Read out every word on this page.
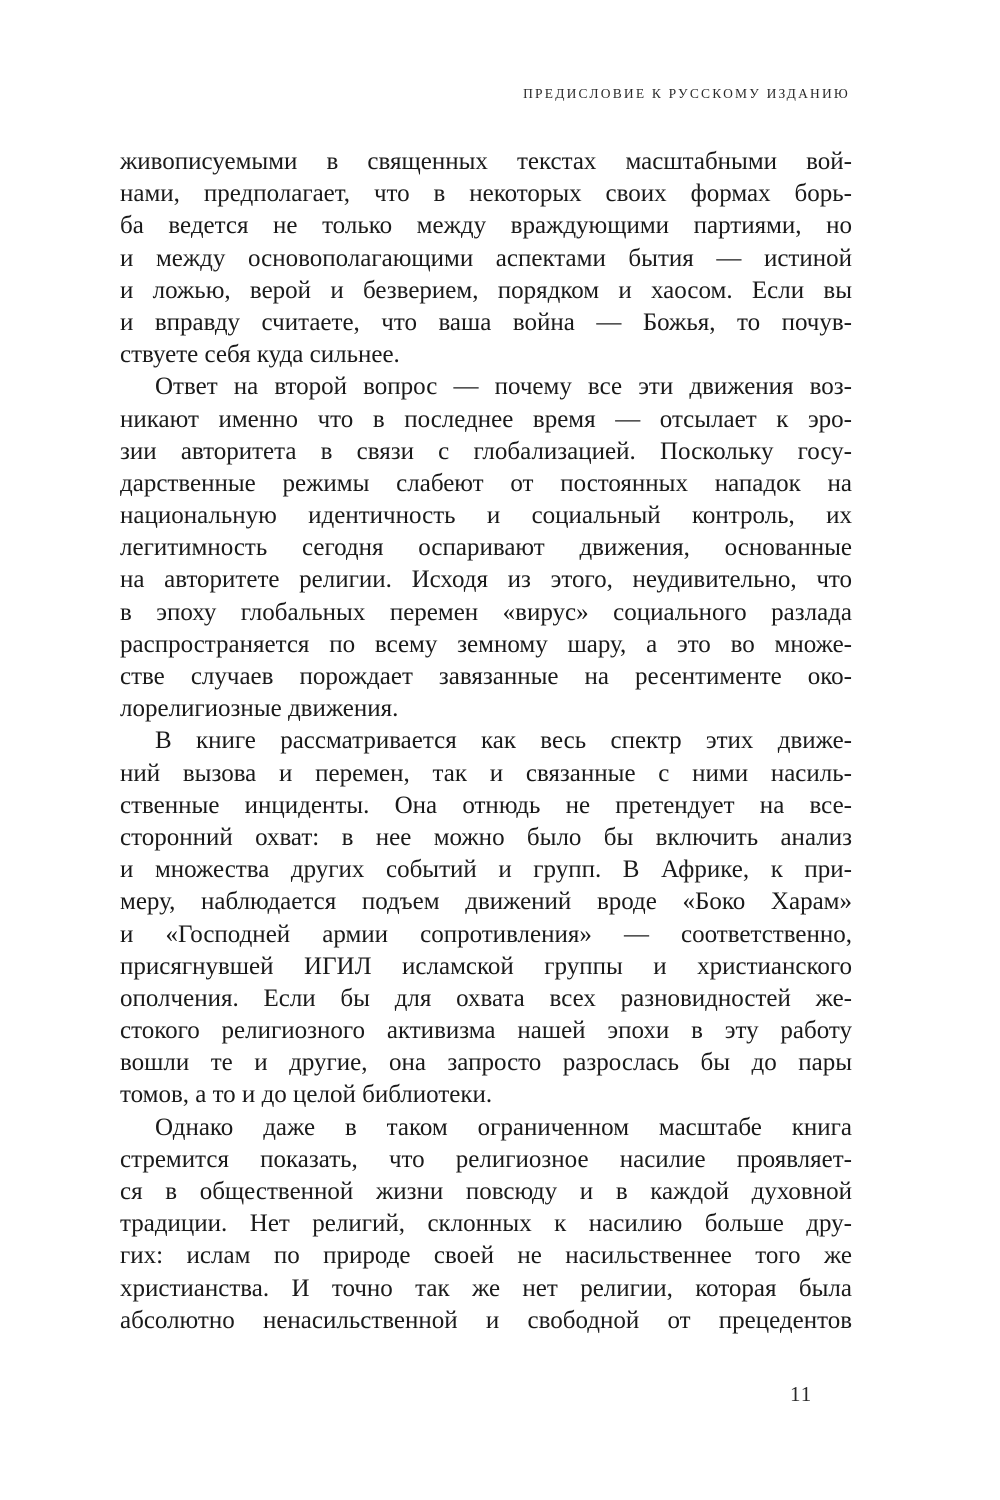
ПРЕДИСЛОВИЕ К РУССКОМУ ИЗДАНИЮ
живописуемыми в священных текстах масштабными вой-
нами, предполагает, что в некоторых своих формах борь-
ба ведется не только между враждующими партиями, но
и между основополагающими аспектами бытия — истиной
и ложью, верой и безверием, порядком и хаосом. Если вы
и вправду считаете, что ваша война — Божья, то почув-
ствуете себя куда сильнее.
Ответ на второй вопрос — почему все эти движения воз-
никают именно что в последнее время — отсылает к эро-
зии авторитета в связи с глобализацией. Поскольку госу-
дарственные режимы слабеют от постоянных нападок на
национальную идентичность и социальный контроль, их
легитимность сегодня оспаривают движения, основанные
на авторитете религии. Исходя из этого, неудивительно, что
в эпоху глобальных перемен «вирус» социального разлада
распространяется по всему земному шару, а это во множе-
стве случаев порождает завязанные на ресентименте око-
лорелигиозные движения.
В книге рассматривается как весь спектр этих движе-
ний вызова и перемен, так и связанные с ними насиль-
ственные инциденты. Она отнюдь не претендует на все-
сторонний охват: в нее можно было бы включить анализ
и множества других событий и групп. В Африке, к при-
меру, наблюдается подъем движений вроде «Боко Харам»
и «Господней армии сопротивления» — соответственно,
присягнувшей ИГИЛ исламской группы и христианского
ополчения. Если бы для охвата всех разновидностей же-
стокого религиозного активизма нашей эпохи в эту работу
вошли те и другие, она запросто разрослась бы до пары
томов, а то и до целой библиотеки.
Однако даже в таком ограниченном масштабе книга
стремится показать, что религиозное насилие проявляет-
ся в общественной жизни повсюду и в каждой духовной
традиции. Нет религий, склонных к насилию больше дру-
гих: ислам по природе своей не насильственнее того же
христианства. И точно так же нет религии, которая была
абсолютно ненасильственной и свободной от прецедентов
11
